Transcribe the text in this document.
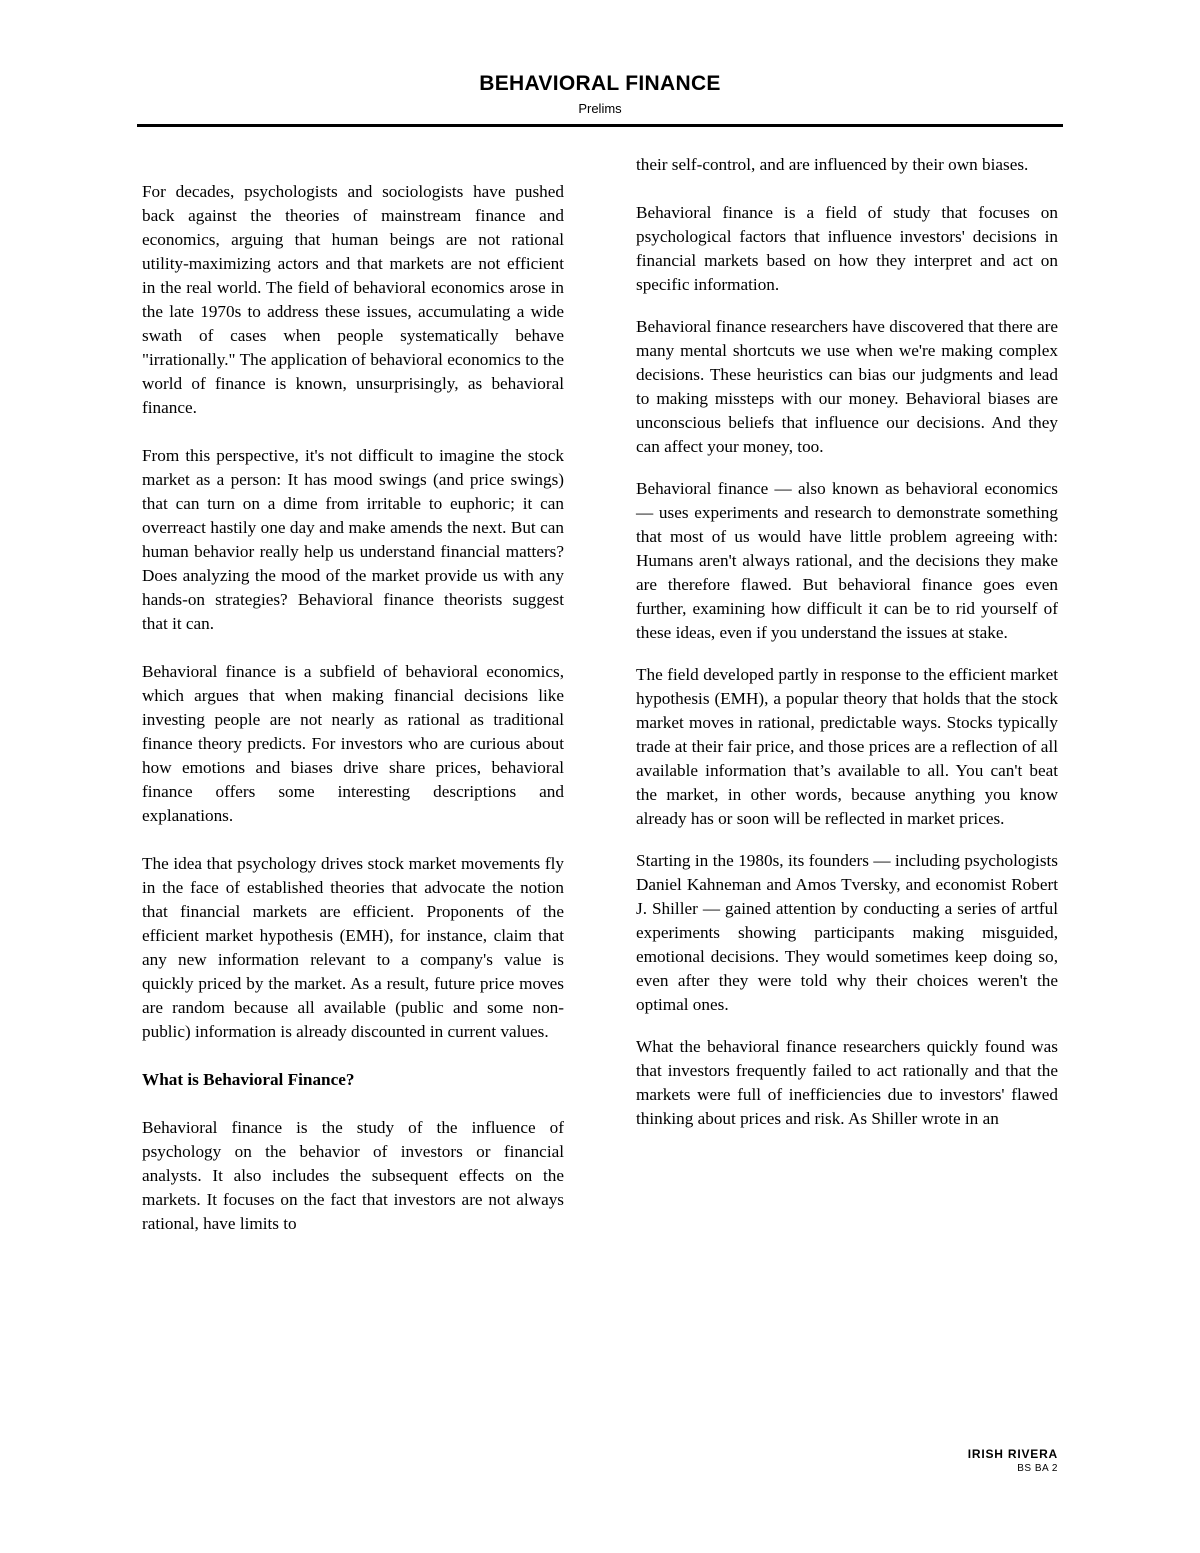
BEHAVIORAL FINANCE
Prelims

For decades, psychologists and sociologists have pushed back against the theories of mainstream finance and economics, arguing that human beings are not rational utility-maximizing actors and that markets are not efficient in the real world. The field of behavioral economics arose in the late 1970s to address these issues, accumulating a wide swath of cases when people systematically behave "irrationally." The application of behavioral economics to the world of finance is known, unsurprisingly, as behavioral finance.

From this perspective, it's not difficult to imagine the stock market as a person: It has mood swings (and price swings) that can turn on a dime from irritable to euphoric; it can overreact hastily one day and make amends the next. But can human behavior really help us understand financial matters? Does analyzing the mood of the market provide us with any hands-on strategies? Behavioral finance theorists suggest that it can.

Behavioral finance is a subfield of behavioral economics, which argues that when making financial decisions like investing people are not nearly as rational as traditional finance theory predicts. For investors who are curious about how emotions and biases drive share prices, behavioral finance offers some interesting descriptions and explanations.

The idea that psychology drives stock market movements fly in the face of established theories that advocate the notion that financial markets are efficient. Proponents of the efficient market hypothesis (EMH), for instance, claim that any new information relevant to a company's value is quickly priced by the market. As a result, future price moves are random because all available (public and some non-public) information is already discounted in current values.

What is Behavioral Finance?

Behavioral finance is the study of the influence of psychology on the behavior of investors or financial analysts. It also includes the subsequent effects on the markets. It focuses on the fact that investors are not always rational, have limits to

their self-control, and are influenced by their own biases.

Behavioral finance is a field of study that focuses on psychological factors that influence investors' decisions in financial markets based on how they interpret and act on specific information.

Behavioral finance researchers have discovered that there are many mental shortcuts we use when we're making complex decisions. These heuristics can bias our judgments and lead to making missteps with our money. Behavioral biases are unconscious beliefs that influence our decisions. And they can affect your money, too.

Behavioral finance — also known as behavioral economics — uses experiments and research to demonstrate something that most of us would have little problem agreeing with: Humans aren't always rational, and the decisions they make are therefore flawed. But behavioral finance goes even further, examining how difficult it can be to rid yourself of these ideas, even if you understand the issues at stake.

The field developed partly in response to the efficient market hypothesis (EMH), a popular theory that holds that the stock market moves in rational, predictable ways. Stocks typically trade at their fair price, and those prices are a reflection of all available information that’s available to all. You can't beat the market, in other words, because anything you know already has or soon will be reflected in market prices.

Starting in the 1980s, its founders — including psychologists Daniel Kahneman and Amos Tversky, and economist Robert J. Shiller — gained attention by conducting a series of artful experiments showing participants making misguided, emotional decisions. They would sometimes keep doing so, even after they were told why their choices weren't the optimal ones.

What the behavioral finance researchers quickly found was that investors frequently failed to act rationally and that the markets were full of inefficiencies due to investors' flawed thinking about prices and risk. As Shiller wrote in an

IRISH RIVERA
BS BA 2
